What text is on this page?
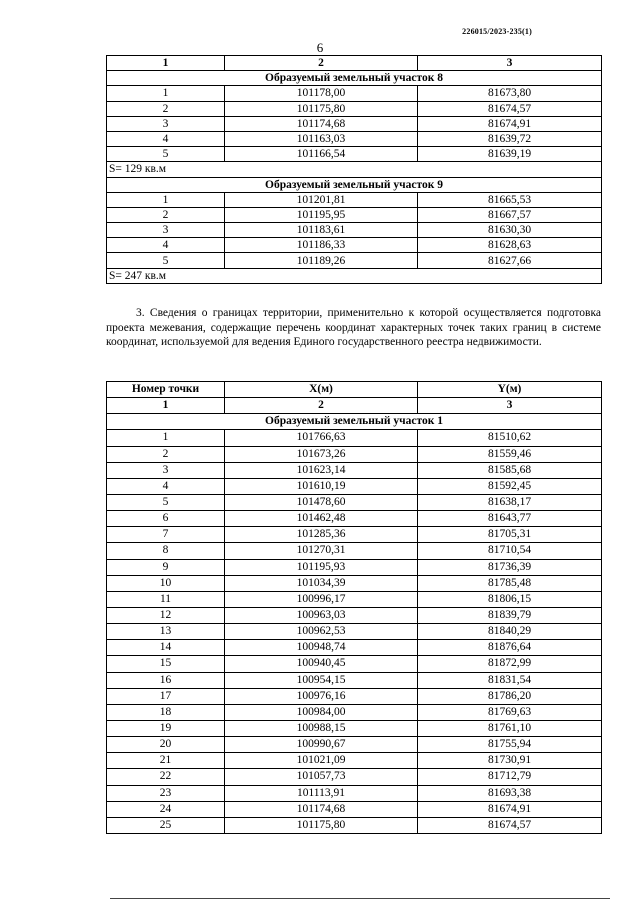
226015/2023-235(1)
6
1	2	3
Образуемый земельный участок 8		
1	101178,00	81673,80
2	101175,80	81674,57
3	101174,68	81674,91
4	101163,03	81639,72
5	101166,54	81639,19
S= 129 кв.м		
Образуемый земельный участок 9		
1	101201,81	81665,53
2	101195,95	81667,57
3	101183,61	81630,30
4	101186,33	81628,63
5	101189,26	81627,66
S= 247 кв.м		

3. Сведения о границах территории, применительно к которой осуществляется подготовка проекта межевания, содержащие перечень координат характерных точек таких границ в системе координат, используемой для ведения Единого государственного реестра недвижимости.

Номер точки	X(м)	Y(м)
1	2	3
Образуемый земельный участок 1		
1	101766,63	81510,62
2	101673,26	81559,46
3	101623,14	81585,68
4	101610,19	81592,45
5	101478,60	81638,17
6	101462,48	81643,77
7	101285,36	81705,31
8	101270,31	81710,54
9	101195,93	81736,39
10	101034,39	81785,48
11	100996,17	81806,15
12	100963,03	81839,79
13	100962,53	81840,29
14	100948,74	81876,64
15	100940,45	81872,99
16	100954,15	81831,54
17	100976,16	81786,20
18	100984,00	81769,63
19	100988,15	81761,10
20	100990,67	81755,94
21	101021,09	81730,91
22	101057,73	81712,79
23	101113,91	81693,38
24	101174,68	81674,91
25	101175,80	81674,57
